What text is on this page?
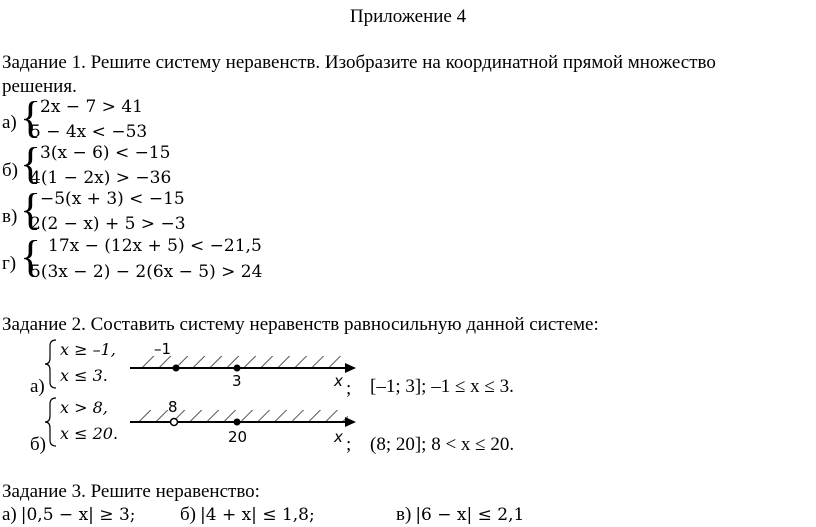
Приложение 4
Задание 1. Решите систему неравенств. Изобразите на координатной прямой множество
решения.
а) {
2x − 7 > 41
5 − 4x < −53
б) {
3(x − 6) < −15
4(1 − 2x) > −36
в) {
−5(x + 3) < −15
2(2 − x) + 5 > −3
г) { 17x − (12x + 5) < −21,5
5(3x − 2) − 2(6x − 5) > 24
Задание 2. Составить систему неравенств равносильную данной системе:
x ≥ –1,
x ≤ 3.
а)
–1
3	x ; [–1; 3]; –1 ≤ x ≤ 3.
x > 8,
x ≤ 20.
б)
8
20	x ; (8; 20]; 8 < x ≤ 20.
Задание 3. Решите неравенство:
а) |0,5 − x| ≥ 3; б) |4 + x| ≤ 1,8;	в) |6 − x| ≤ 2,1
